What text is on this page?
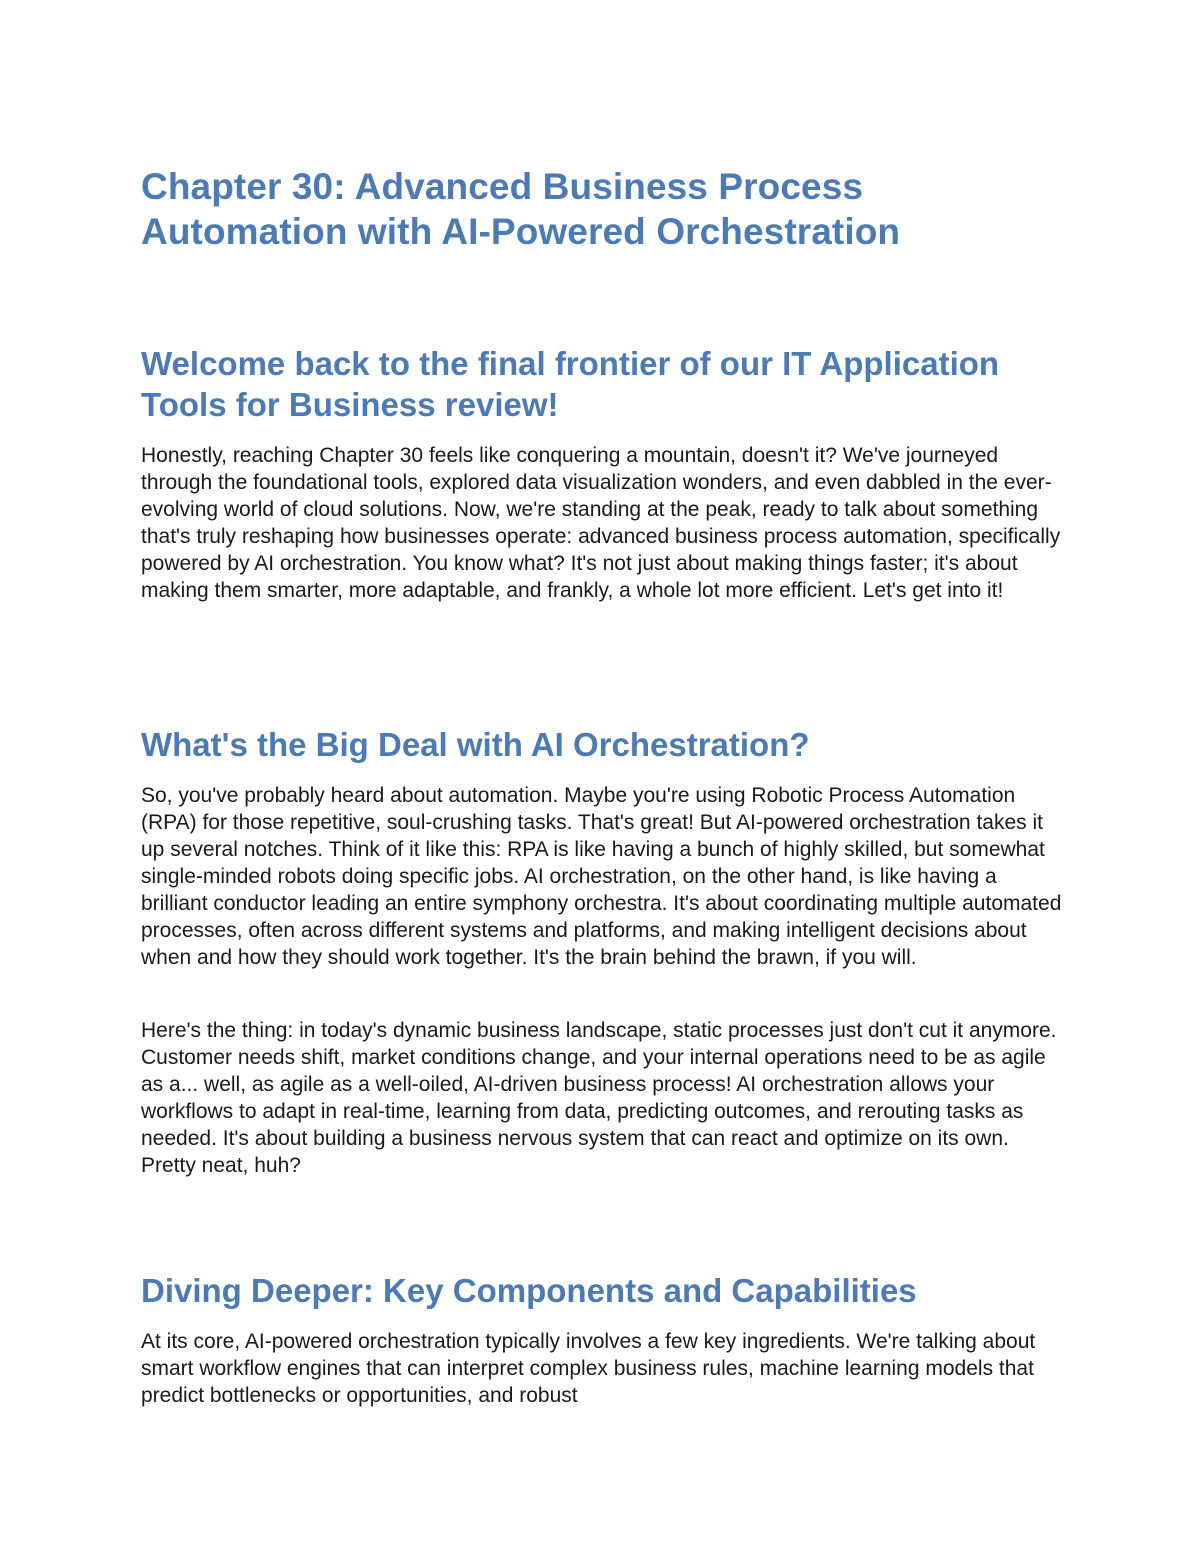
Chapter 30: Advanced Business Process Automation with AI-Powered Orchestration
Welcome back to the final frontier of our IT Application Tools for Business review!

Honestly, reaching Chapter 30 feels like conquering a mountain, doesn't it? We've journeyed through the foundational tools, explored data visualization wonders, and even dabbled in the ever-evolving world of cloud solutions. Now, we're standing at the peak, ready to talk about something that's truly reshaping how businesses operate: advanced business process automation, specifically powered by AI orchestration. You know what? It's not just about making things faster; it's about making them smarter, more adaptable, and frankly, a whole lot more efficient. Let's get into it!

What's the Big Deal with AI Orchestration?

So, you've probably heard about automation. Maybe you're using Robotic Process Automation (RPA) for those repetitive, soul-crushing tasks. That's great! But AI-powered orchestration takes it up several notches. Think of it like this: RPA is like having a bunch of highly skilled, but somewhat single-minded robots doing specific jobs. AI orchestration, on the other hand, is like having a brilliant conductor leading an entire symphony orchestra. It's about coordinating multiple automated processes, often across different systems and platforms, and making intelligent decisions about when and how they should work together. It's the brain behind the brawn, if you will.

Here's the thing: in today's dynamic business landscape, static processes just don't cut it anymore. Customer needs shift, market conditions change, and your internal operations need to be as agile as a... well, as agile as a well-oiled, AI-driven business process! AI orchestration allows your workflows to adapt in real-time, learning from data, predicting outcomes, and rerouting tasks as needed. It's about building a business nervous system that can react and optimize on its own. Pretty neat, huh?

Diving Deeper: Key Components and Capabilities

At its core, AI-powered orchestration typically involves a few key ingredients. We're talking about smart workflow engines that can interpret complex business rules, machine learning models that predict bottlenecks or opportunities, and robust
